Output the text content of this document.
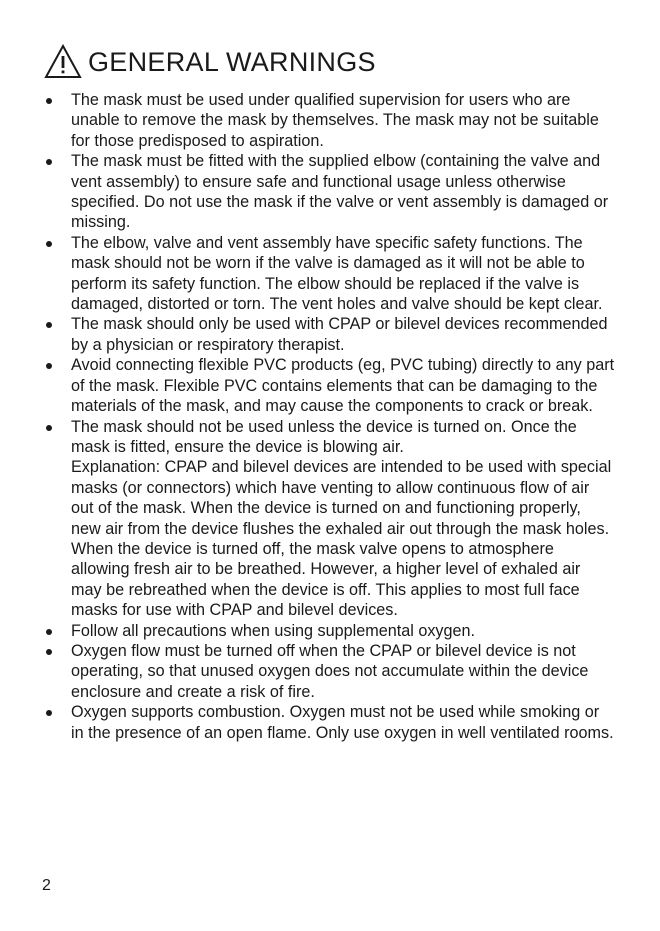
GENERAL WARNINGS
The mask must be used under qualified supervision for users who are unable to remove the mask by themselves. The mask may not be suitable for those predisposed to aspiration.
The mask must be fitted with the supplied elbow (containing the valve and vent assembly) to ensure safe and functional usage unless otherwise specified. Do not use the mask if the valve or vent assembly is damaged or missing.
The elbow, valve and vent assembly have specific safety functions. The mask should not be worn if the valve is damaged as it will not be able to perform its safety function. The elbow should be replaced if the valve is damaged, distorted or torn. The vent holes and valve should be kept clear.
The mask should only be used with CPAP or bilevel devices recommended by a physician or respiratory therapist.
Avoid connecting flexible PVC products (eg, PVC tubing) directly to any part of the mask. Flexible PVC contains elements that can be damaging to the materials of the mask, and may cause the components to crack or break.
The mask should not be used unless the device is turned on. Once the mask is fitted, ensure the device is blowing air.
Explanation: CPAP and bilevel devices are intended to be used with special masks (or connectors) which have venting to allow continuous flow of air out of the mask. When the device is turned on and functioning properly, new air from the device flushes the exhaled air out through the mask holes. When the device is turned off, the mask valve opens to atmosphere allowing fresh air to be breathed. However, a higher level of exhaled air may be rebreathed when the device is off. This applies to most full face masks for use with CPAP and bilevel devices.
Follow all precautions when using supplemental oxygen.
Oxygen flow must be turned off when the CPAP or bilevel device is not operating, so that unused oxygen does not accumulate within the device enclosure and create a risk of fire.
Oxygen supports combustion. Oxygen must not be used while smoking or in the presence of an open flame. Only use oxygen in well ventilated rooms.
2
